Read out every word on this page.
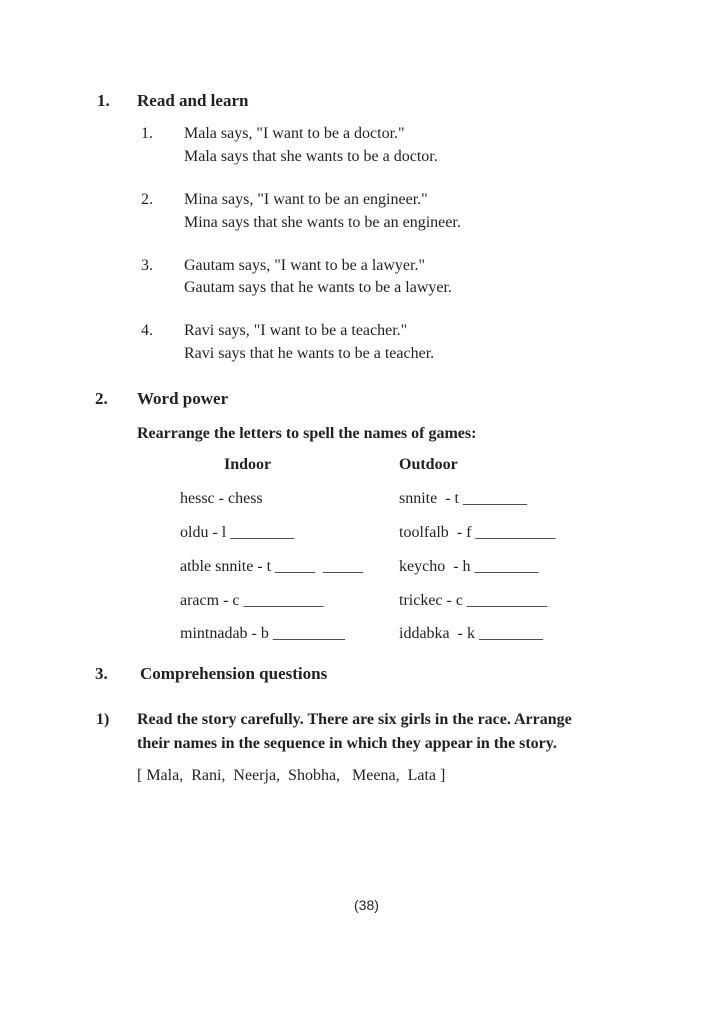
1. Read and learn
1. Mala says, "I want to be a doctor."
Mala says that she wants to be a doctor.
2. Mina says, "I want to be an engineer."
Mina says that she wants to be an engineer.
3. Gautam says, "I want to be a lawyer."
Gautam says that he wants to be a lawyer.
4. Ravi says, "I want to be a teacher."
Ravi says that he wants to be a teacher.
2. Word power
Rearrange the letters to spell the names of games:
Indoor	Outdoor
hessc - chess
oldu - l ________
atble snnite - t _____  _____
aracm - c __________
mintnadab - b _________
snnite  - t ________
toolfalb  - f __________
keycho  - h ________
trickec - c __________
iddabka  - k ________
3. Comprehension questions
1) Read the story carefully. There are six girls in the race. Arrange
their names in the sequence in which they appear in the story.
[ Mala,  Rani,  Neerja,  Shobha,   Meena,  Lata ]
(38)
